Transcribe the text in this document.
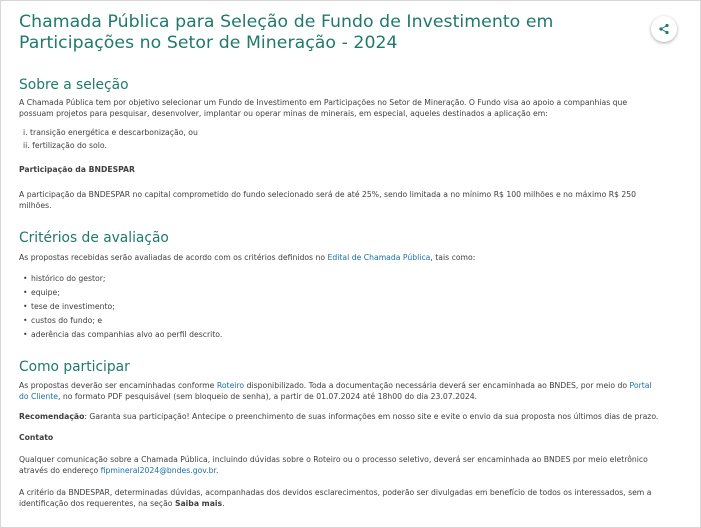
Chamada Pública para Seleção de Fundo de Investimento em Participações no Setor de Mineração - 2024
Sobre a seleção

A Chamada Pública tem por objetivo selecionar um Fundo de Investimento em Participações no Setor de Mineração. O Fundo visa ao apoio a companhias que possuam projetos para pesquisar, desenvolver, implantar ou operar minas de minerais, em especial, aqueles destinados a aplicação em:

i. transição energética e descarbonização, ou
ii. fertilização do solo.

Participação da BNDESPAR

A participação da BNDESPAR no capital comprometido do fundo selecionado será de até 25%, sendo limitada a no mínimo R$ 100 milhões e no máximo R$ 250 milhões.

Critérios de avaliação

As propostas recebidas serão avaliadas de acordo com os critérios definidos no Edital de Chamada Pública, tais como:

• histórico do gestor;
• equipe;
• tese de investimento;
• custos do fundo; e
• aderência das companhias alvo ao perfil descrito.
Como participar

As propostas deverão ser encaminhadas conforme Roteiro disponibilizado. Toda a documentação necessária deverá ser encaminhada ao BNDES, por meio do Portal do Cliente, no formato PDF pesquisável (sem bloqueio de senha), a partir de 01.07.2024 até 18h00 do dia 23.07.2024.

Recomendação: Garanta sua participação! Antecipe o preenchimento de suas informações em nosso site e evite o envio da sua proposta nos últimos dias de prazo.

Contato

Qualquer comunicação sobre a Chamada Pública, incluindo dúvidas sobre o Roteiro ou o processo seletivo, deverá ser encaminhada ao BNDES por meio eletrônico através do endereço fipmineral2024@bndes.gov.br.

A critério da BNDESPAR, determinadas dúvidas, acompanhadas dos devidos esclarecimentos, poderão ser divulgadas em benefício de todos os interessados, sem a identificação dos requerentes, na seção Saiba mais.
